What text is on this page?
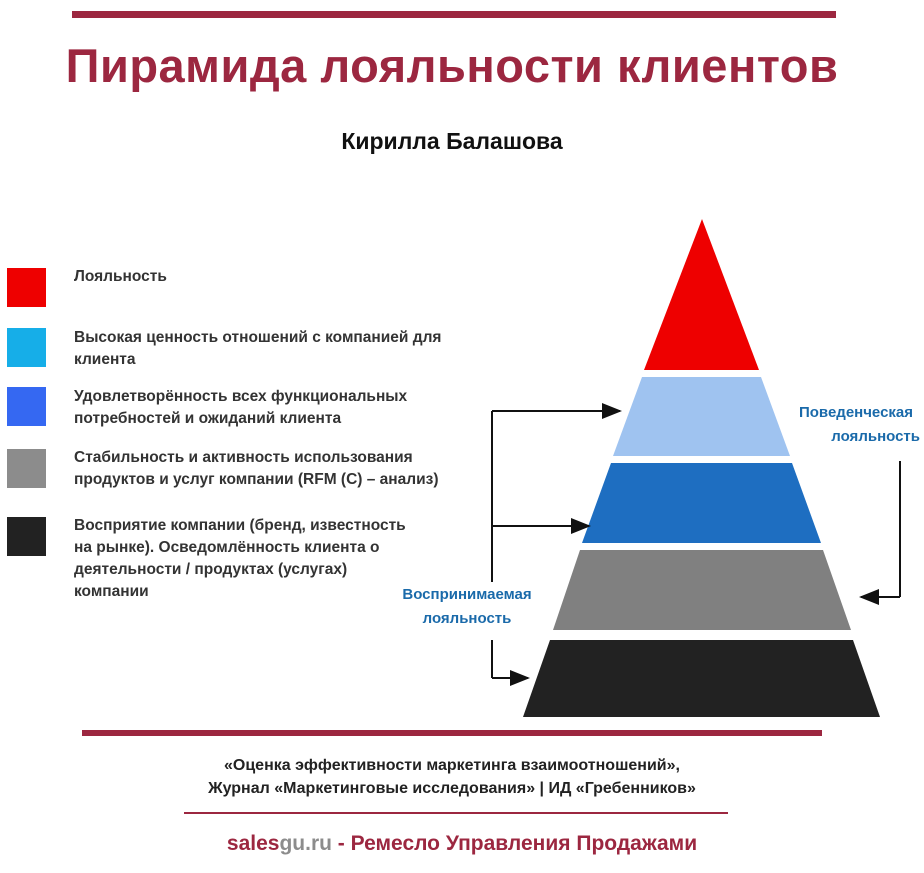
Пирамида лояльности клиентов
Кирилла Балашова
Лояльность
Высокая ценность отношений с компанией для клиента
Удовлетворённость всех функциональных потребностей и ожиданий клиента
Стабильность и активность использования продуктов и услуг компании (RFM (C) – анализ)
Восприятие компании (бренд, известность на рынке). Осведомлённость клиента о деятельности / продуктах (услугах) компании
Поведенческая
лояльность
Воспринимаемая
лояльность
«Оценка эффективности маркетинга взаимоотношений»,
Журнал «Маркетинговые исследования» | ИД «Гребенников»
salesgu.ru - Ремесло Управления Продажами
